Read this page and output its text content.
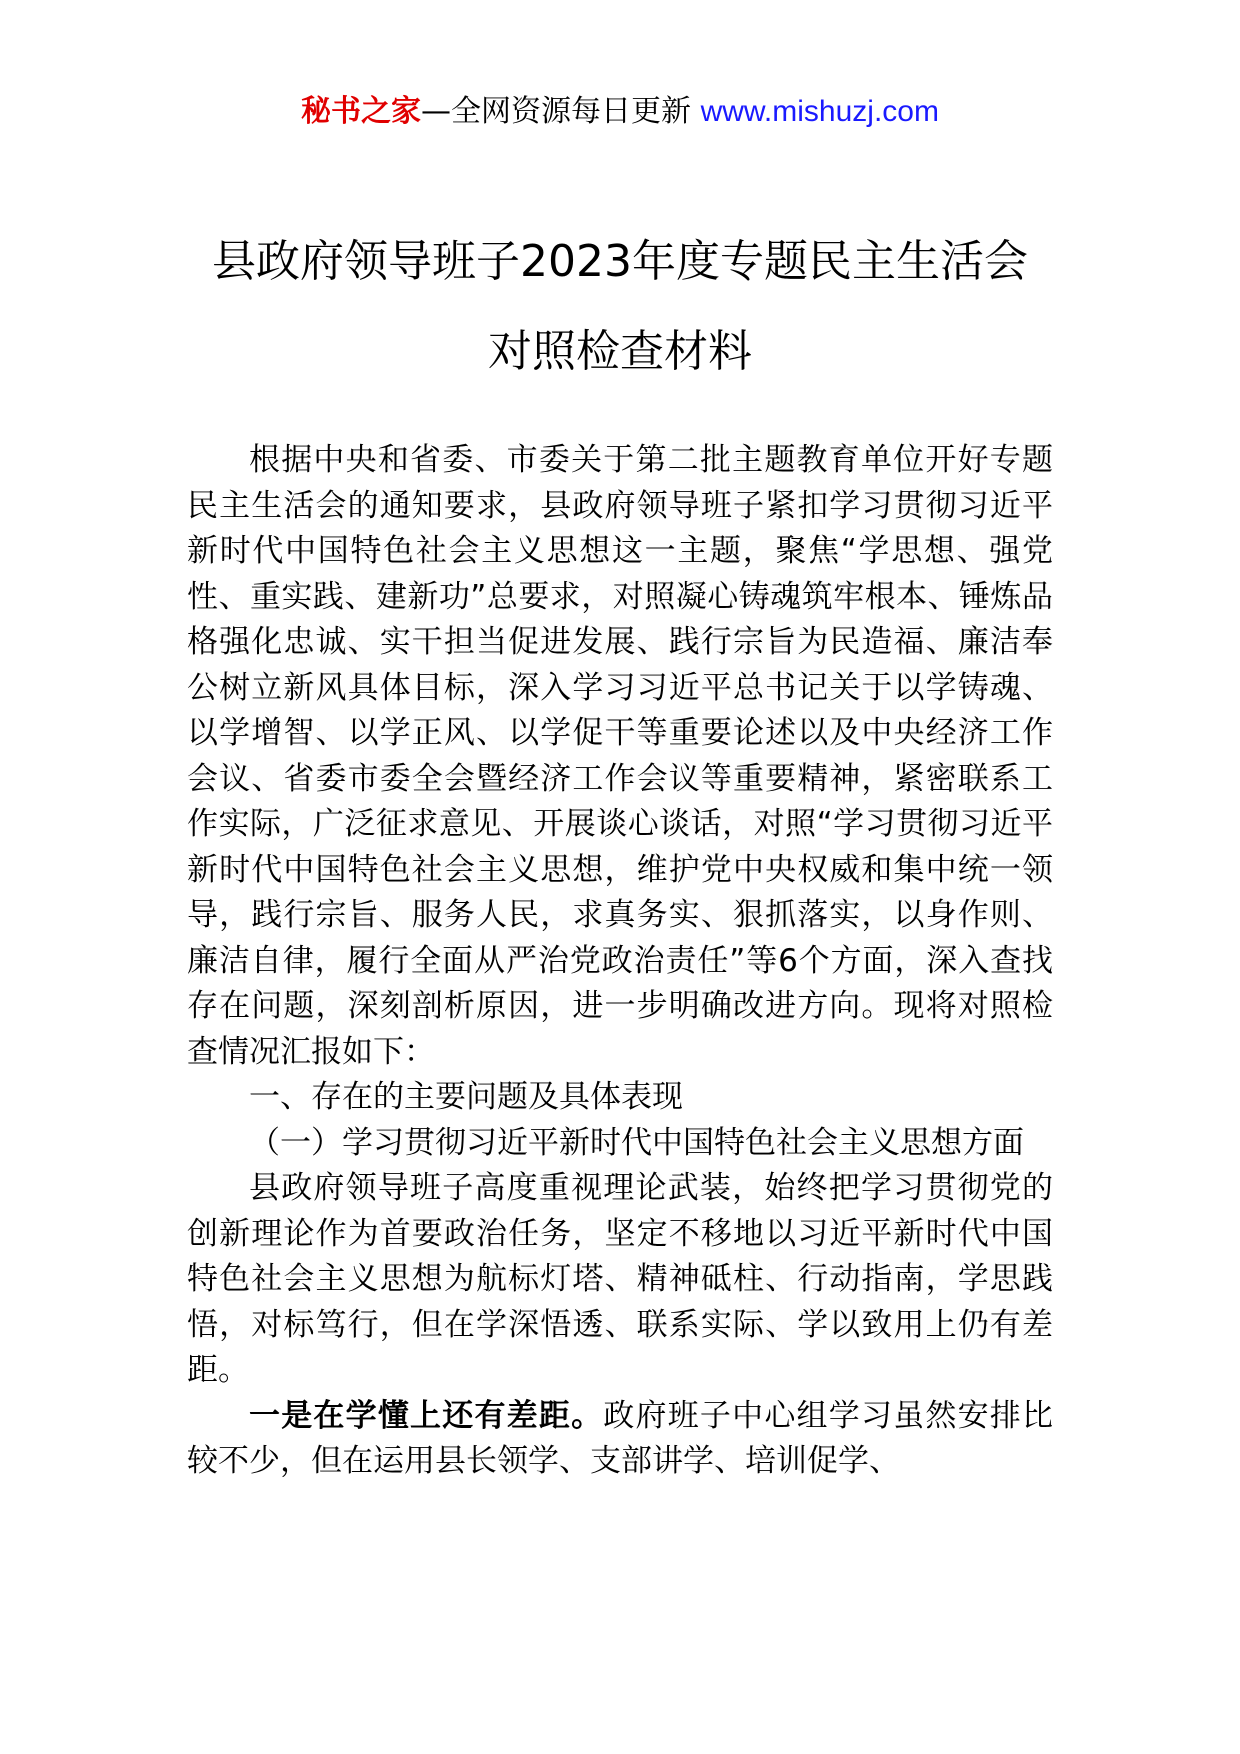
秘书之家—全网资源每日更新 www.mishuzj.com
县政府领导班子2023年度专题民主生活会
对照检查材料

根据中央和省委、市委关于第二批主题教育单位开好专题民主生活会的通知要求，县政府领导班子紧扣学习贯彻习近平新时代中国特色社会主义思想这一主题，聚焦“学思想、强党性、重实践、建新功”总要求，对照凝心铸魂筑牢根本、锤炼品格强化忠诚、实干担当促进发展、践行宗旨为民造福、廉洁奉公树立新风具体目标，深入学习习近平总书记关于以学铸魂、以学增智、以学正风、以学促干等重要论述以及中央经济工作会议、省委市委全会暨经济工作会议等重要精神，紧密联系工作实际，广泛征求意见、开展谈心谈话，对照“学习贯彻习近平新时代中国特色社会主义思想，维护党中央权威和集中统一领导，践行宗旨、服务人民，求真务实、狠抓落实，以身作则、廉洁自律，履行全面从严治党政治责任”等6个方面，深入查找存在问题，深刻剖析原因，进一步明确改进方向。现将对照检查情况汇报如下：

一、存在的主要问题及具体表现

（一）学习贯彻习近平新时代中国特色社会主义思想方面

县政府领导班子高度重视理论武装，始终把学习贯彻党的创新理论作为首要政治任务，坚定不移地以习近平新时代中国特色社会主义思想为航标灯塔、精神砥柱、行动指南，学思践悟，对标笃行，但在学深悟透、联系实际、学以致用上仍有差距。

一是在学懂上还有差距。政府班子中心组学习虽然安排比较不少，但在运用县长领学、支部讲学、培训促学、
